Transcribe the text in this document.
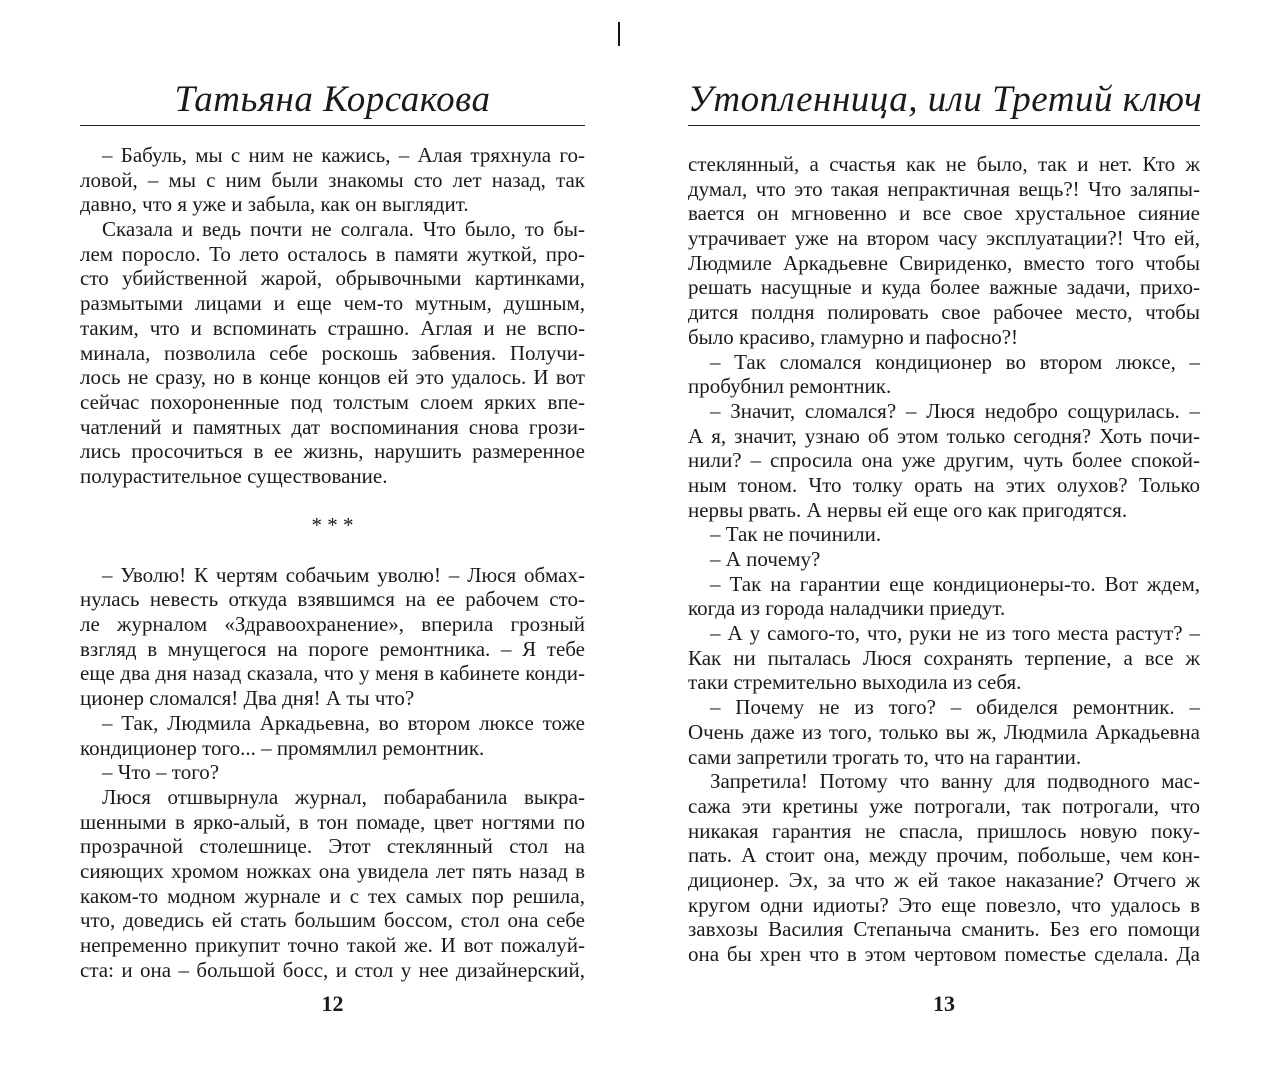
Татьяна Корсакова
– Бабуль, мы с ним не кажись, – Алая тряхнула го-
ловой, – мы с ним были знакомы сто лет назад, так
давно, что я уже и забыла, как он выглядит.
Сказала и ведь почти не солгала. Что было, то бы-
лем поросло. То лето осталось в памяти жуткой, про-
сто убийственной жарой, обрывочными картинками,
размытыми лицами и еще чем-то мутным, душным,
таким, что и вспоминать страшно. Аглая и не вспо-
минала, позволила себе роскошь забвения. Получи-
лось не сразу, но в конце концов ей это удалось. И вот
сейчас похороненные под толстым слоем ярких впе-
чатлений и памятных дат воспоминания снова грози-
лись просочиться в ее жизнь, нарушить размеренное
полурастительное существование.
* * *
– Уволю! К чертям собачьим уволю! – Люся обмах-
нулась невесть откуда взявшимся на ее рабочем сто-
ле журналом «Здравоохранение», вперила грозный
взгляд в мнущегося на пороге ремонтника. – Я тебе
еще два дня назад сказала, что у меня в кабинете конди-
ционер сломался! Два дня! А ты что?
– Так, Людмила Аркадьевна, во втором люксе тоже
кондиционер того... – промямлил ремонтник.
– Что – того?
Люся отшвырнула журнал, побарабанила выкра-
шенными в ярко-алый, в тон помаде, цвет ногтями по
прозрачной столешнице. Этот стеклянный стол на
сияющих хромом ножках она увидела лет пять назад в
каком-то модном журнале и с тех самых пор решила,
что, доведись ей стать большим боссом, стол она себе
непременно прикупит точно такой же. И вот пожалуй-
ста: и она – большой босс, и стол у нее дизайнерский,
12
Утопленница, или Третий ключ
стеклянный, а счастья как не было, так и нет. Кто ж
думал, что это такая непрактичная вещь?! Что заляпы-
вается он мгновенно и все свое хрустальное сияние
утрачивает уже на втором часу эксплуатации?! Что ей,
Людмиле Аркадьевне Свириденко, вместо того чтобы
решать насущные и куда более важные задачи, прихо-
дится полдня полировать свое рабочее место, чтобы
было красиво, гламурно и пафосно?!
– Так сломался кондиционер во втором люксе, –
пробубнил ремонтник.
– Значит, сломался? – Люся недобро сощурилась. –
А я, значит, узнаю об этом только сегодня? Хоть почи-
нили? – спросила она уже другим, чуть более спокой-
ным тоном. Что толку орать на этих олухов? Только
нервы рвать. А нервы ей еще ого как пригодятся.
– Так не починили.
– А почему?
– Так на гарантии еще кондиционеры-то. Вот ждем,
когда из города наладчики приедут.
– А у самого-то, что, руки не из того места растут? –
Как ни пыталась Люся сохранять терпение, а все ж
таки стремительно выходила из себя.
– Почему не из того? – обиделся ремонтник. –
Очень даже из того, только вы ж, Людмила Аркадьевна
сами запретили трогать то, что на гарантии.
Запретила! Потому что ванну для подводного мас-
сажа эти кретины уже потрогали, так потрогали, что
никакая гарантия не спасла, пришлось новую поку-
пать. А стоит она, между прочим, побольше, чем кон-
диционер. Эх, за что ж ей такое наказание? Отчего ж
кругом одни идиоты? Это еще повезло, что удалось в
завхозы Василия Степаныча сманить. Без его помощи
она бы хрен что в этом чертовом поместье сделала. Да
13
